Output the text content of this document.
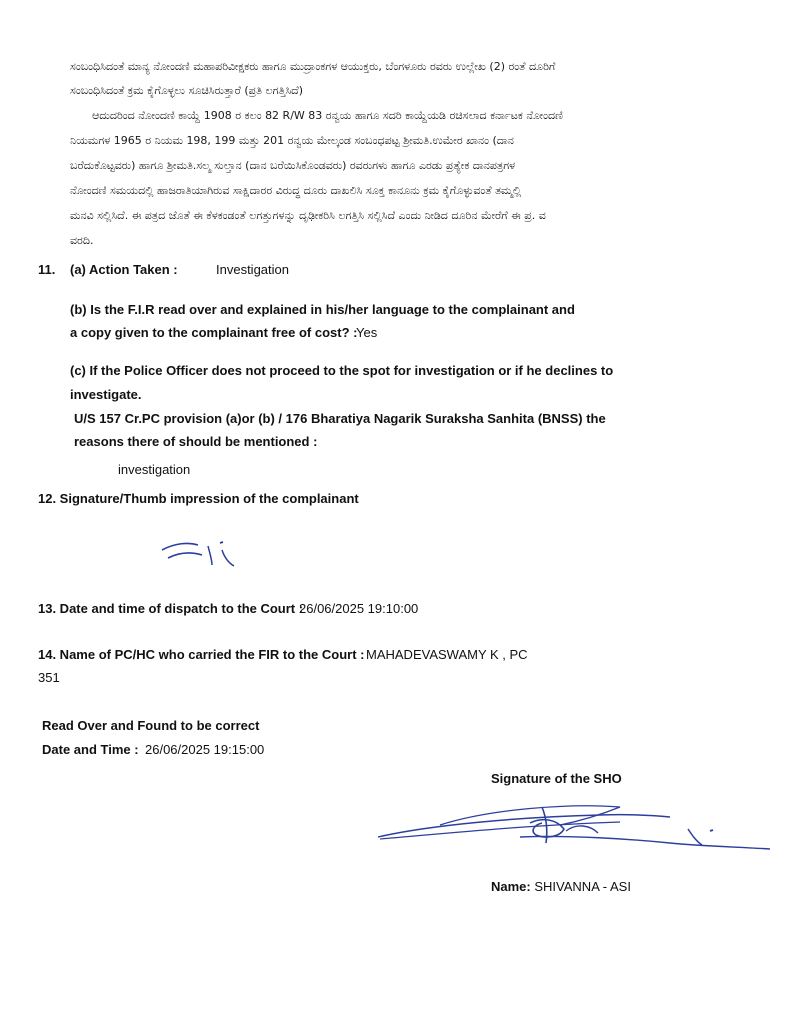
ಸಂಬಂಧಿಸಿದಂತೆ ಮಾನ್ಯ ನೋಂದಣಿ ಮಹಾಪರಿವೀಕ್ಷಕರು ಹಾಗೂ ಮುದ್ರಾಂಕಗಳ ಆಯುಕ್ತರು, ಬೆಂಗಳೂರು ರವರು ಉಲ್ಲೇಖ (2) ರಂತೆ ದೂರಿಗೆ
ಸಂಬಂಧಿಸಿದಂತೆ ಕ್ರಮ ಕೈಗೊಳ್ಳಲು ಸೂಚಿಸಿರುತ್ತಾರೆ (ಪ್ರತಿ ಲಗತ್ತಿಸಿದೆ)
ಆದುದರಿಂದ ನೋಂದಣಿ ಕಾಯ್ದೆ 1908 ರ ಕಲಂ 82 R/W 83 ರನ್ವಯ ಹಾಗೂ ಸದರಿ ಕಾಯ್ದೆಯಡಿ ರಚಿಸಲಾದ ಕರ್ನಾಟಕ ನೋಂದಣಿ
ನಿಯಮಗಳ 1965 ರ ನಿಯಮ 198, 199 ಮತ್ತು 201 ರನ್ವಯ ಮೇಲ್ಕಂಡ ಸಂಬಂಧಪಟ್ಟ ಶ್ರೀಮತಿ.ಉಮೇರ ಖಾನಂ (ದಾನ
ಬರೆದುಕೊಟ್ಟವರು) ಹಾಗೂ ಶ್ರೀಮತಿ.ಸಲ್ಮ ಸುಲ್ತಾನ (ದಾನ ಬರೆಯಿಸಿಕೊಂಡವರು) ರವರುಗಳು ಹಾಗೂ ಎರಡು ಪ್ರತ್ಯೇಕ ದಾನಪತ್ರಗಳ
ನೋಂದಣಿ ಸಮಯದಲ್ಲಿ ಹಾಜರಾತಿಯಾಗಿರುವ ಸಾಕ್ಷಿದಾರರ ವಿರುದ್ಧ ದೂರು ದಾಖಲಿಸಿ ಸೂಕ್ತ ಕಾನೂನು ಕ್ರಮ ಕೈಗೊಳ್ಳುವಂತೆ ತಮ್ಮಲ್ಲಿ
ಮನವಿ ಸಲ್ಲಿಸಿದೆ. ಈ ಪತ್ರದ ಜೊತೆ ಈ ಕೆಳಕಂಡಂತೆ ಲಗತ್ತುಗಳನ್ನು ದೃಢೀಕರಿಸಿ ಲಗತ್ತಿಸಿ ಸಲ್ಲಿಸಿದೆ ಎಂದು ನೀಡಿದ ದೂರಿನ ಮೇರೆಗೆ ಈ ಪ್ರ. ವ
ವರದಿ.
11. (a) Action Taken :	Investigation
(b) Is the F.I.R read over and explained in his/her language to the complainant and
a copy given to the complainant free of cost? :
Yes
(c) If the Police Officer does not proceed to the spot for investigation or if he declines to
investigate.
U/S 157 Cr.PC provision (a)or (b) / 176 Bharatiya Nagarik Suraksha Sanhita (BNSS) the
reasons there of should be mentioned :
investigation
12. Signature/Thumb impression of the complainant
13. Date and time of dispatch to the Court :
26/06/2025 19:10:00
14. Name of PC/HC who carried the FIR to the Court : MAHADEVASWAMY K , PC
351
Read Over and Found to be correct
Date and Time : 26/06/2025 19:15:00
Signature of the SHO
Name: SHIVANNA - ASI
